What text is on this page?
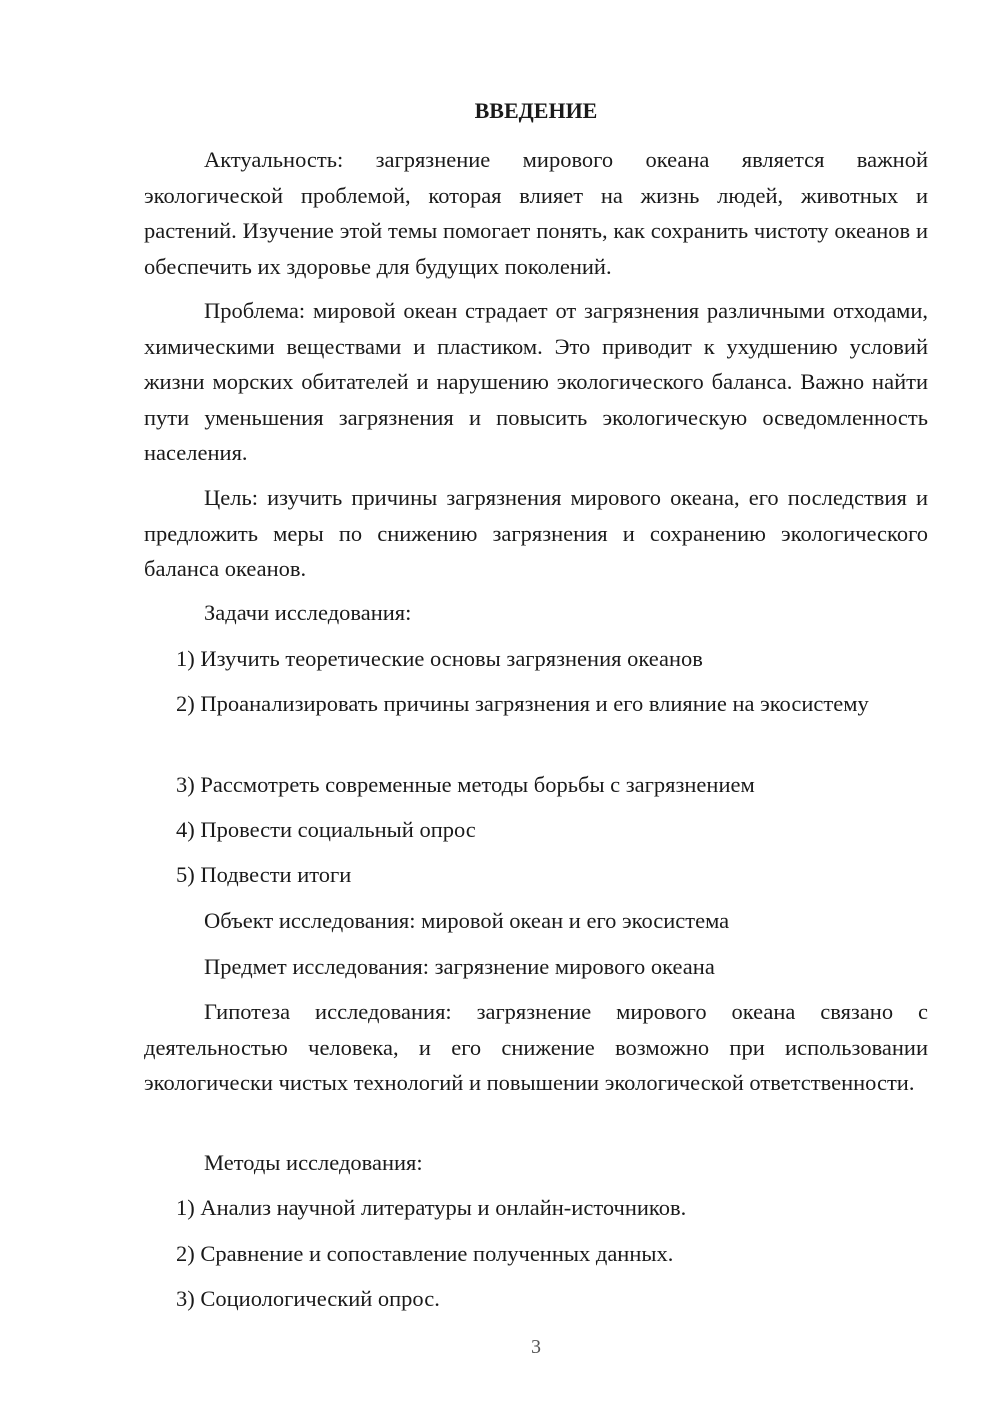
ВВЕДЕНИЕ

Актуальность: загрязнение мирового океана является важной экологической проблемой, которая влияет на жизнь людей, животных и растений. Изучение этой темы помогает понять, как сохранить чистоту океанов и обеспечить их здоровье для будущих поколений.

Проблема: мировой океан страдает от загрязнения различными отходами, химическими веществами и пластиком. Это приводит к ухудшению условий жизни морских обитателей и нарушению экологического баланса. Важно найти пути уменьшения загрязнения и повысить экологическую осведомленность населения.

Цель: изучить причины загрязнения мирового океана, его последствия и предложить меры по снижению загрязнения и сохранению экологического баланса океанов.

Задачи исследования:
1) Изучить теоретические основы загрязнения океанов

2) Проанализировать причины загрязнения и его влияние на экосистему

3) Рассмотреть современные методы борьбы с загрязнением
4) Провести социальный опрос
5) Подвести итоги
Объект исследования: мировой океан и его экосистема
Предмет исследования: загрязнение мирового океана

Гипотеза исследования: загрязнение мирового океана связано с деятельностью человека, и его снижение возможно при использовании экологически чистых технологий и повышении экологической ответственности.

Методы исследования:
1) Анализ научной литературы и онлайн-источников.
2) Сравнение и сопоставление полученных данных.
3) Социологический опрос.
3
